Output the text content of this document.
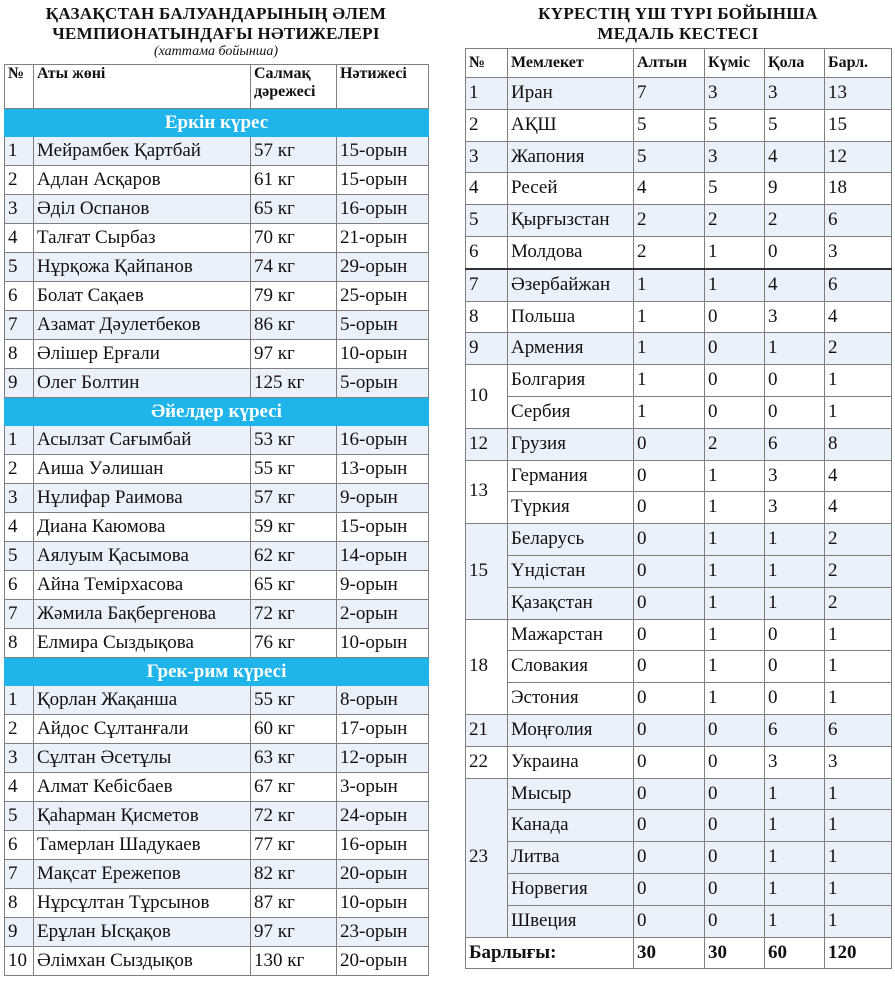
ҚАЗАҚСТАН БАЛУАНДАРЫНЫҢ ӘЛЕМ
ЧЕМПИОНАТЫНДАҒЫ НӘТИЖЕЛЕРІ
(хаттама бойынша)
№	Аты жөні	Салмақ дәрежесі	Нәтижесі
Еркін күрес			
1	Мейрамбек Қартбай	57 кг	15-орын
2	Адлан Асқаров	61 кг	15-орын
3	Әділ Оспанов	65 кг	16-орын
4	Талғат Сырбаз	70 кг	21-орын
5	Нұрқожа Қайпанов	74 кг	29-орын
6	Болат Сақаев	79 кг	25-орын
7	Азамат Дәулетбеков	86 кг	5-орын
8	Әлішер Ерғали	97 кг	10-орын
9	Олег Болтин	125 кг	5-орын
Әйелдер күресі			
1	Асылзат Сағымбай	53 кг	16-орын
2	Аиша Уәлишан	55 кг	13-орын
3	Нұлифар Раимова	57 кг	9-орын
4	Диана Каюмова	59 кг	15-орын
5	Аялуым Қасымова	62 кг	14-орын
6	Айна Темірхасова	65 кг	9-орын
7	Жәмила Бақбергенова	72 кг	2-орын
8	Елмира Сыздықова	76 кг	10-орын
Грек-рим күресі			
1	Қорлан Жақанша	55 кг	8-орын
2	Айдос Сұлтанғали	60 кг	17-орын
3	Сұлтан Әсетұлы	63 кг	12-орын
4	Алмат Кебісбаев	67 кг	3-орын
5	Қаһарман Қисметов	72 кг	24-орын
6	Тамерлан Шадукаев	77 кг	16-орын
7	Мақсат Ережепов	82 кг	20-орын
8	Нұрсұлтан Тұрсынов	87 кг	10-орын
9	Ерұлан Ысқақов	97 кг	23-орын
10	Әлімхан Сыздықов	130 кг	20-орын
КҮРЕСТІҢ ҮШ ТҮРІ БОЙЫНША
МЕДАЛЬ КЕСТЕСІ
№	Мемлекет	Алтын	Күміс	Қола	Барл.
1	Иран	7	3	3	13
2	АҚШ	5	5	5	15
3	Жапония	5	3	4	12
4	Ресей	4	5	9	18
5	Қырғызстан	2	2	2	6
6	Молдова	2	1	0	3
7	Әзербайжан	1	1	4	6
8	Польша	1	0	3	4
9	Армения	1	0	1	2
10	Болгария	1	0	0	1
	Сербия	1	0	0	1
12	Грузия	0	2	6	8
13	Германия	0	1	3	4
	Түркия	0	1	3	4
15	Беларусь	0	1	1	2
	Үндістан	0	1	1	2
	Қазақстан	0	1	1	2
18	Мажарстан	0	1	0	1
	Словакия	0	1	0	1
	Эстония	0	1	0	1
21	Моңғолия	0	0	6	6
22	Украина	0	0	3	3
23	Мысыр	0	0	1	1
	Канада	0	0	1	1
	Литва	0	0	1	1
	Норвегия	0	0	1	1
	Швеция	0	0	1	1
Барлығы:		30	30	60	120
